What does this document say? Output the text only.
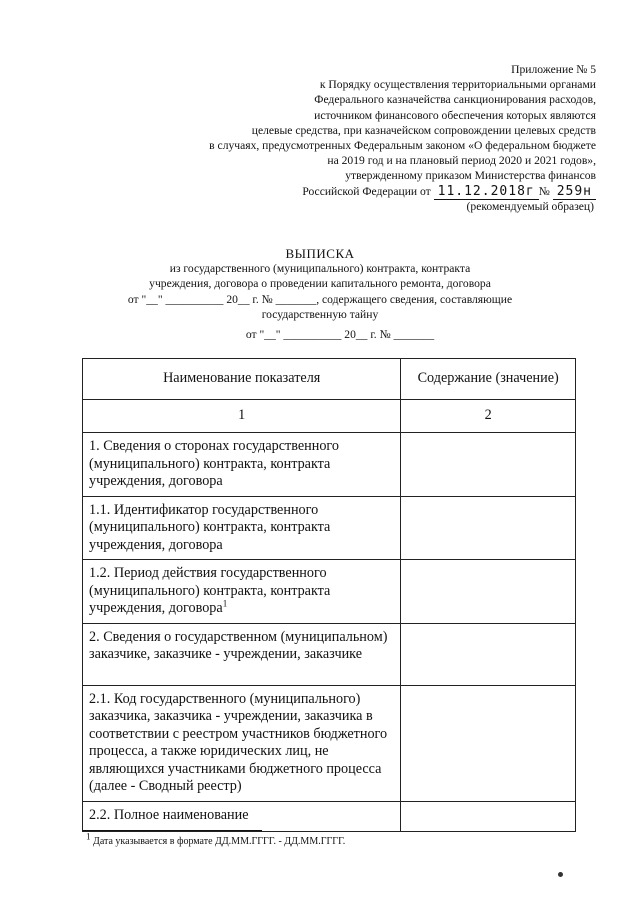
Приложение № 5
к Порядку осуществления территориальными органами
Федерального казначейства санкционирования расходов,
источником финансового обеспечения которых являются
целевые средства, при казначейском сопровождении целевых средств
в случаях, предусмотренных Федеральным законом «О федеральном бюджете
на 2019 год и на плановый период 2020 и 2021 годов»,
утвержденному приказом Министерства финансов
Российской Федерации от 11.12.2018г № 259н
(рекомендуемый образец)
ВЫПИСКА
из государственного (муниципального) контракта, контракта
учреждения, договора о проведении капитального ремонта, договора
от "__" __________ 20__ г. № _______, содержащего сведения, составляющие
государственную тайну
от "__" __________ 20__ г. № _______
Наименование показателя	Содержание (значение)
1	2
1. Сведения о сторонах государственного (муниципального) контракта, контракта учреждения, договора	
1.1. Идентификатор государственного (муниципального) контракта, контракта учреждения, договора	
1.2. Период действия государственного (муниципального) контракта, контракта учреждения, договора$^1$	
2. Сведения о государственном (муниципальном) заказчике, заказчике - учреждении, заказчике	
2.1. Код государственного (муниципального) заказчика, заказчика - учреждении, заказчика в соответствии с реестром участников бюджетного процесса, а также юридических лиц, не являющихся участниками бюджетного процесса (далее - Сводный реестр)	
2.2. Полное наименование	
$^1$ Дата указывается в формате ДД.ММ.ГГГГ. - ДД.ММ.ГГГГ.
